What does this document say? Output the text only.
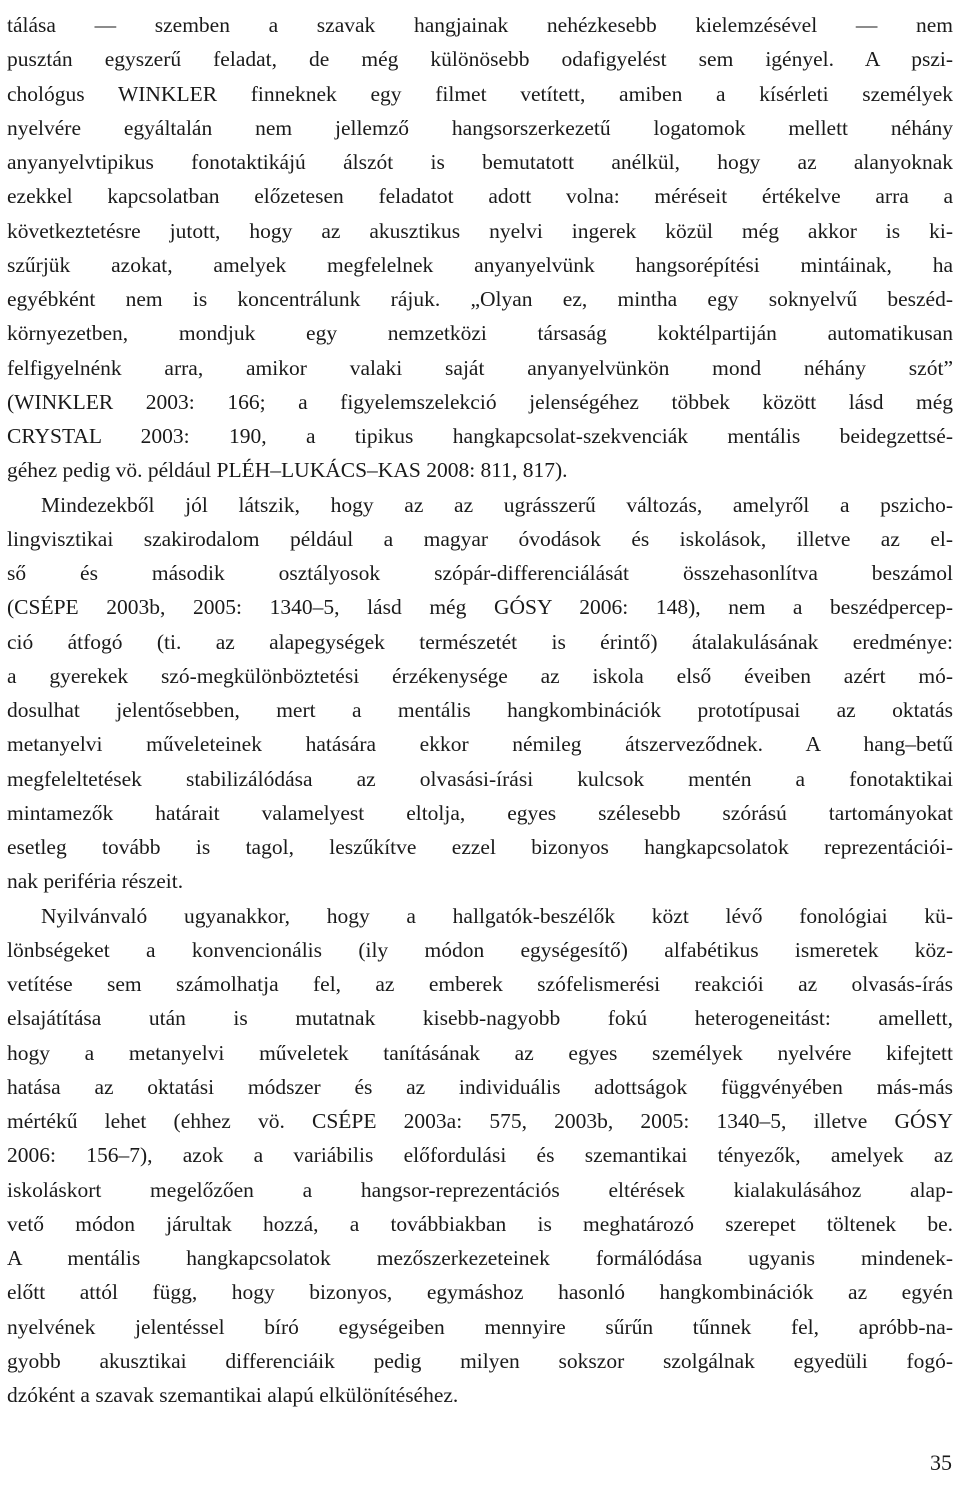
tálása — szemben a szavak hangjainak nehézkesebb kielemzésével — nem
pusztán egyszerű feladat, de még különösebb odafigyelést sem igényel. A pszi-
chológus WINKLER finneknek egy filmet vetített, amiben a kísérleti személyek
nyelvére egyáltalán nem jellemző hangsorszerkezetű logatomok mellett néhány
anyanyelvtipikus fonotaktikájú álszót is bemutatott anélkül, hogy az alanyoknak
ezekkel kapcsolatban előzetesen feladatot adott volna: méréseit értékelve arra a
következtetésre jutott, hogy az akusztikus nyelvi ingerek közül még akkor is ki-
szűrjük azokat, amelyek megfelelnek anyanyelvünk hangsorépítési mintáinak, ha
egyébként nem is koncentrálunk rájuk. „Olyan ez, mintha egy soknyelvű beszéd-
környezetben, mondjuk egy nemzetközi társaság koktélpartiján automatikusan
felfigyelnénk arra, amikor valaki saját anyanyelvünkön mond néhány szót”
(WINKLER 2003: 166; a figyelemszelekció jelenségéhez többek között lásd még
CRYSTAL 2003: 190, a tipikus hangkapcsolat-szekvenciák mentális beidegzettsé-
géhez pedig vö. például PLÉH–LUKÁCS–KAS 2008: 811, 817).
Mindezekből jól látszik, hogy az az ugrásszerű változás, amelyről a pszicho-
lingvisztikai szakirodalom például a magyar óvodások és iskolások, illetve az el-
ső és második osztályosok szópár-differenciálását összehasonlítva beszámol
(CSÉPE 2003b, 2005: 1340–5, lásd még GÓSY 2006: 148), nem a beszédpercep-
ció átfogó (ti. az alapegységek természetét is érintő) átalakulásának eredménye:
a gyerekek szó-megkülönböztetési érzékenysége az iskola első éveiben azért mó-
dosulhat jelentősebben, mert a mentális hangkombinációk prototípusai az oktatás
metanyelvi műveleteinek hatására ekkor némileg átszerveződnek. A hang–betű
megfeleltetések stabilizálódása az olvasási-írási kulcsok mentén a fonotaktikai
mintamezők határait valamelyest eltolja, egyes szélesebb szórású tartományokat
esetleg tovább is tagol, leszűkítve ezzel bizonyos hangkapcsolatok reprezentációi-
nak periféria részeit.
Nyilvánvaló ugyanakkor, hogy a hallgatók-beszélők közt lévő fonológiai kü-
lönbségeket a konvencionális (ily módon egységesítő) alfabétikus ismeretek köz-
vetítése sem számolhatja fel, az emberek szófelismerési reakciói az olvasás-írás
elsajátítása után is mutatnak kisebb-nagyobb fokú heterogeneitást: amellett,
hogy a metanyelvi műveletek tanításának az egyes személyek nyelvére kifejtett
hatása az oktatási módszer és az individuális adottságok függvényében más-más
mértékű lehet (ehhez vö. CSÉPE 2003a: 575, 2003b, 2005: 1340–5, illetve GÓSY
2006: 156–7), azok a variábilis előfordulási és szemantikai tényezők, amelyek az
iskoláskort megelőzően a hangsor-reprezentációs eltérések kialakulásához alap-
vető módon járultak hozzá, a továbbiakban is meghatározó szerepet töltenek be.
A mentális hangkapcsolatok mezőszerkezeteinek formálódása ugyanis mindenek-
előtt attól függ, hogy bizonyos, egymáshoz hasonló hangkombinációk az egyén
nyelvének jelentéssel bíró egységeiben mennyire sűrűn tűnnek fel, apróbb-na-
gyobb akusztikai differenciáik pedig milyen sokszor szolgálnak egyedüli fogó-
dzóként a szavak szemantikai alapú elkülönítéséhez.
35
